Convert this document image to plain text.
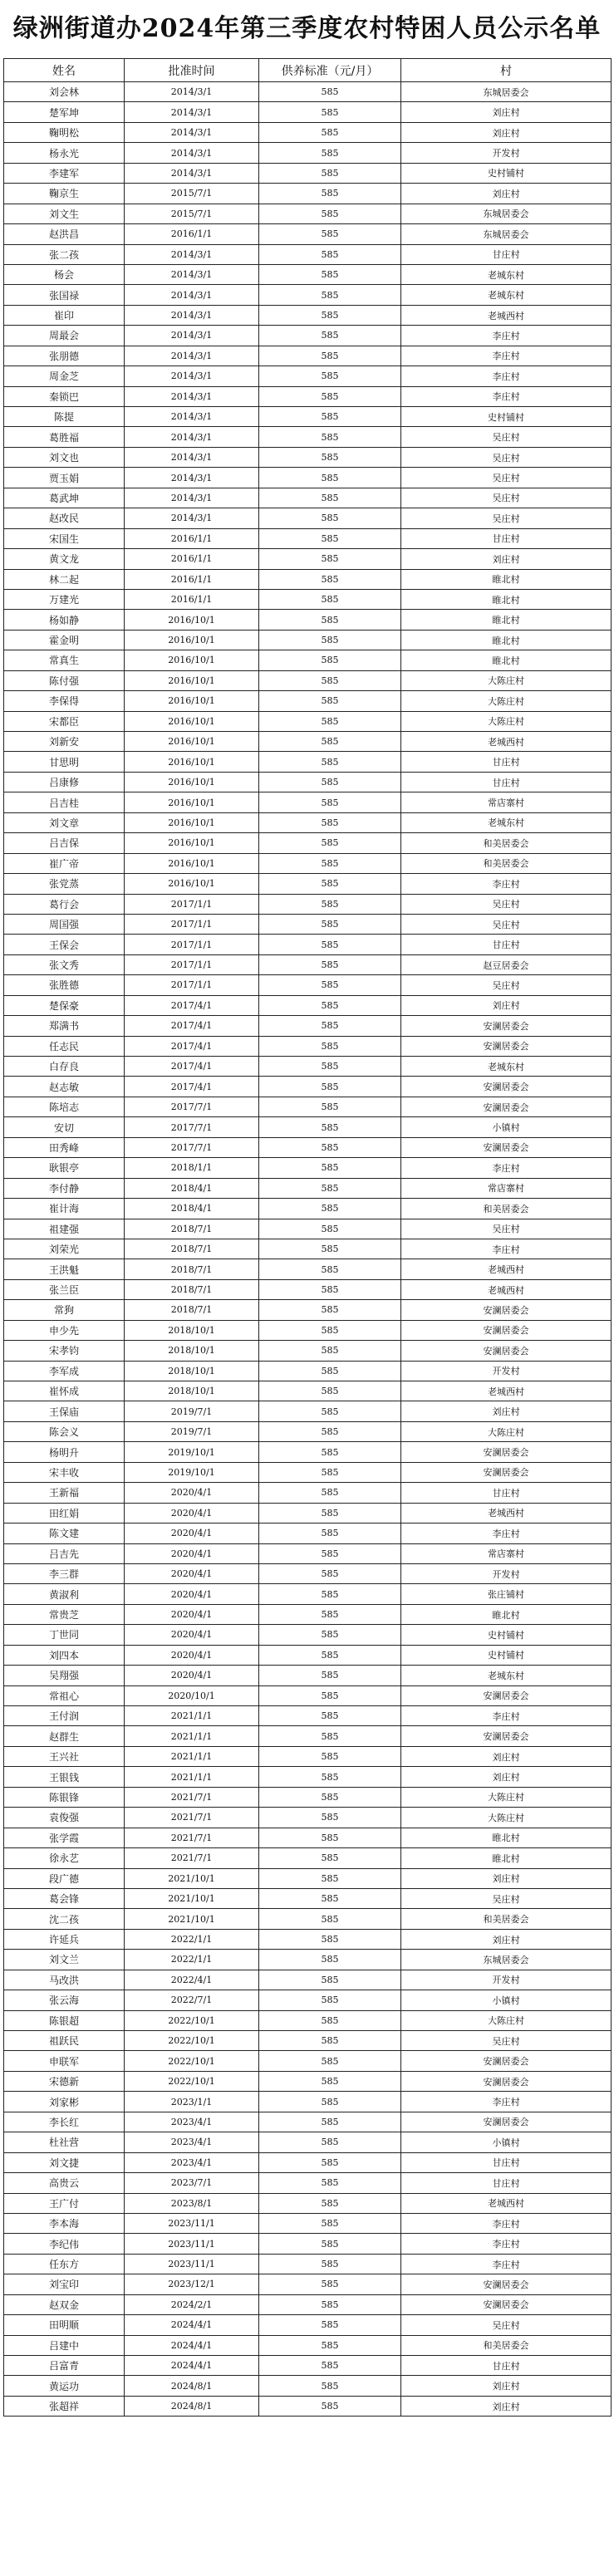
绿洲街道办2024年第三季度农村特困人员公示名单
姓名	批准时间	供养标准（元/月）	村
刘会林	2014/3/1	585	东城居委会
楚军坤	2014/3/1	585	刘庄村
鞠明松	2014/3/1	585	刘庄村
杨永光	2014/3/1	585	开发村
李建军	2014/3/1	585	史村铺村
鞠京生	2015/7/1	585	刘庄村
刘文生	2015/7/1	585	东城居委会
赵洪昌	2016/1/1	585	东城居委会
张二孩	2014/3/1	585	甘庄村
杨会	2014/3/1	585	老城东村
张国禄	2014/3/1	585	老城东村
崔印	2014/3/1	585	老城西村
周最会	2014/3/1	585	李庄村
张朋德	2014/3/1	585	李庄村
周金芝	2014/3/1	585	李庄村
秦锁巴	2014/3/1	585	李庄村
陈提	2014/3/1	585	史村铺村
葛胜福	2014/3/1	585	吴庄村
刘文也	2014/3/1	585	吴庄村
贾玉娟	2014/3/1	585	吴庄村
葛武坤	2014/3/1	585	吴庄村
赵改民	2014/3/1	585	吴庄村
宋国生	2016/1/1	585	甘庄村
黄文龙	2016/1/1	585	刘庄村
林二起	2016/1/1	585	睢北村
万建光	2016/1/1	585	睢北村
杨如静	2016/10/1	585	睢北村
霍金明	2016/10/1	585	睢北村
常真生	2016/10/1	585	睢北村
陈付强	2016/10/1	585	大陈庄村
李保得	2016/10/1	585	大陈庄村
宋都臣	2016/10/1	585	大陈庄村
刘新安	2016/10/1	585	老城西村
甘思明	2016/10/1	585	甘庄村
吕康修	2016/10/1	585	甘庄村
吕吉桂	2016/10/1	585	常店寨村
刘文章	2016/10/1	585	老城东村
吕吉保	2016/10/1	585	和美居委会
崔广帝	2016/10/1	585	和美居委会
张党蒸	2016/10/1	585	李庄村
葛行会	2017/1/1	585	吴庄村
周国强	2017/1/1	585	吴庄村
王保会	2017/1/1	585	甘庄村
张文秀	2017/1/1	585	赵豆居委会
张胜德	2017/1/1	585	吴庄村
楚保豪	2017/4/1	585	刘庄村
郑满书	2017/4/1	585	安澜居委会
任志民	2017/4/1	585	安澜居委会
白存良	2017/4/1	585	老城东村
赵志敏	2017/4/1	585	安澜居委会
陈培志	2017/7/1	585	安澜居委会
安切	2017/7/1	585	小镇村
田秀峰	2017/7/1	585	安澜居委会
耿银亭	2018/1/1	585	李庄村
李付静	2018/4/1	585	常店寨村
崔计海	2018/4/1	585	和美居委会
祖建强	2018/7/1	585	吴庄村
刘荣光	2018/7/1	585	李庄村
王洪魁	2018/7/1	585	老城西村
张兰臣	2018/7/1	585	老城西村
常狗	2018/7/1	585	安澜居委会
申少先	2018/10/1	585	安澜居委会
宋孝钧	2018/10/1	585	安澜居委会
李军成	2018/10/1	585	开发村
崔怀成	2018/10/1	585	老城西村
王保庙	2019/7/1	585	刘庄村
陈会义	2019/7/1	585	大陈庄村
杨明升	2019/10/1	585	安澜居委会
宋丰收	2019/10/1	585	安澜居委会
王新福	2020/4/1	585	甘庄村
田红娟	2020/4/1	585	老城西村
陈文建	2020/4/1	585	李庄村
吕吉先	2020/4/1	585	常店寨村
李三群	2020/4/1	585	开发村
黄淑利	2020/4/1	585	张庄铺村
常贵芝	2020/4/1	585	睢北村
丁世同	2020/4/1	585	史村铺村
刘四本	2020/4/1	585	史村铺村
吴翔强	2020/4/1	585	老城东村
常祖心	2020/10/1	585	安澜居委会
王付润	2021/1/1	585	李庄村
赵群生	2021/1/1	585	安澜居委会
王兴社	2021/1/1	585	刘庄村
王银钱	2021/1/1	585	刘庄村
陈银锋	2021/7/1	585	大陈庄村
袁俊强	2021/7/1	585	大陈庄村
张学霞	2021/7/1	585	睢北村
徐永艺	2021/7/1	585	睢北村
段广德	2021/10/1	585	刘庄村
葛会锋	2021/10/1	585	吴庄村
沈二孩	2021/10/1	585	和美居委会
许延兵	2022/1/1	585	刘庄村
刘文兰	2022/1/1	585	东城居委会
马改洪	2022/4/1	585	开发村
张云海	2022/7/1	585	小镇村
陈银超	2022/10/1	585	大陈庄村
祖跃民	2022/10/1	585	吴庄村
申联军	2022/10/1	585	安澜居委会
宋德新	2022/10/1	585	安澜居委会
刘家彬	2023/1/1	585	李庄村
李长红	2023/4/1	585	安澜居委会
杜社营	2023/4/1	585	小镇村
刘文捷	2023/4/1	585	甘庄村
高贵云	2023/7/1	585	甘庄村
王广付	2023/8/1	585	老城西村
李本海	2023/11/1	585	李庄村
李纪伟	2023/11/1	585	李庄村
任东方	2023/11/1	585	李庄村
刘宝印	2023/12/1	585	安澜居委会
赵双金	2024/2/1	585	安澜居委会
田明顺	2024/4/1	585	吴庄村
吕建中	2024/4/1	585	和美居委会
吕富青	2024/4/1	585	甘庄村
黄运功	2024/8/1	585	刘庄村
张超祥	2024/8/1	585	刘庄村
